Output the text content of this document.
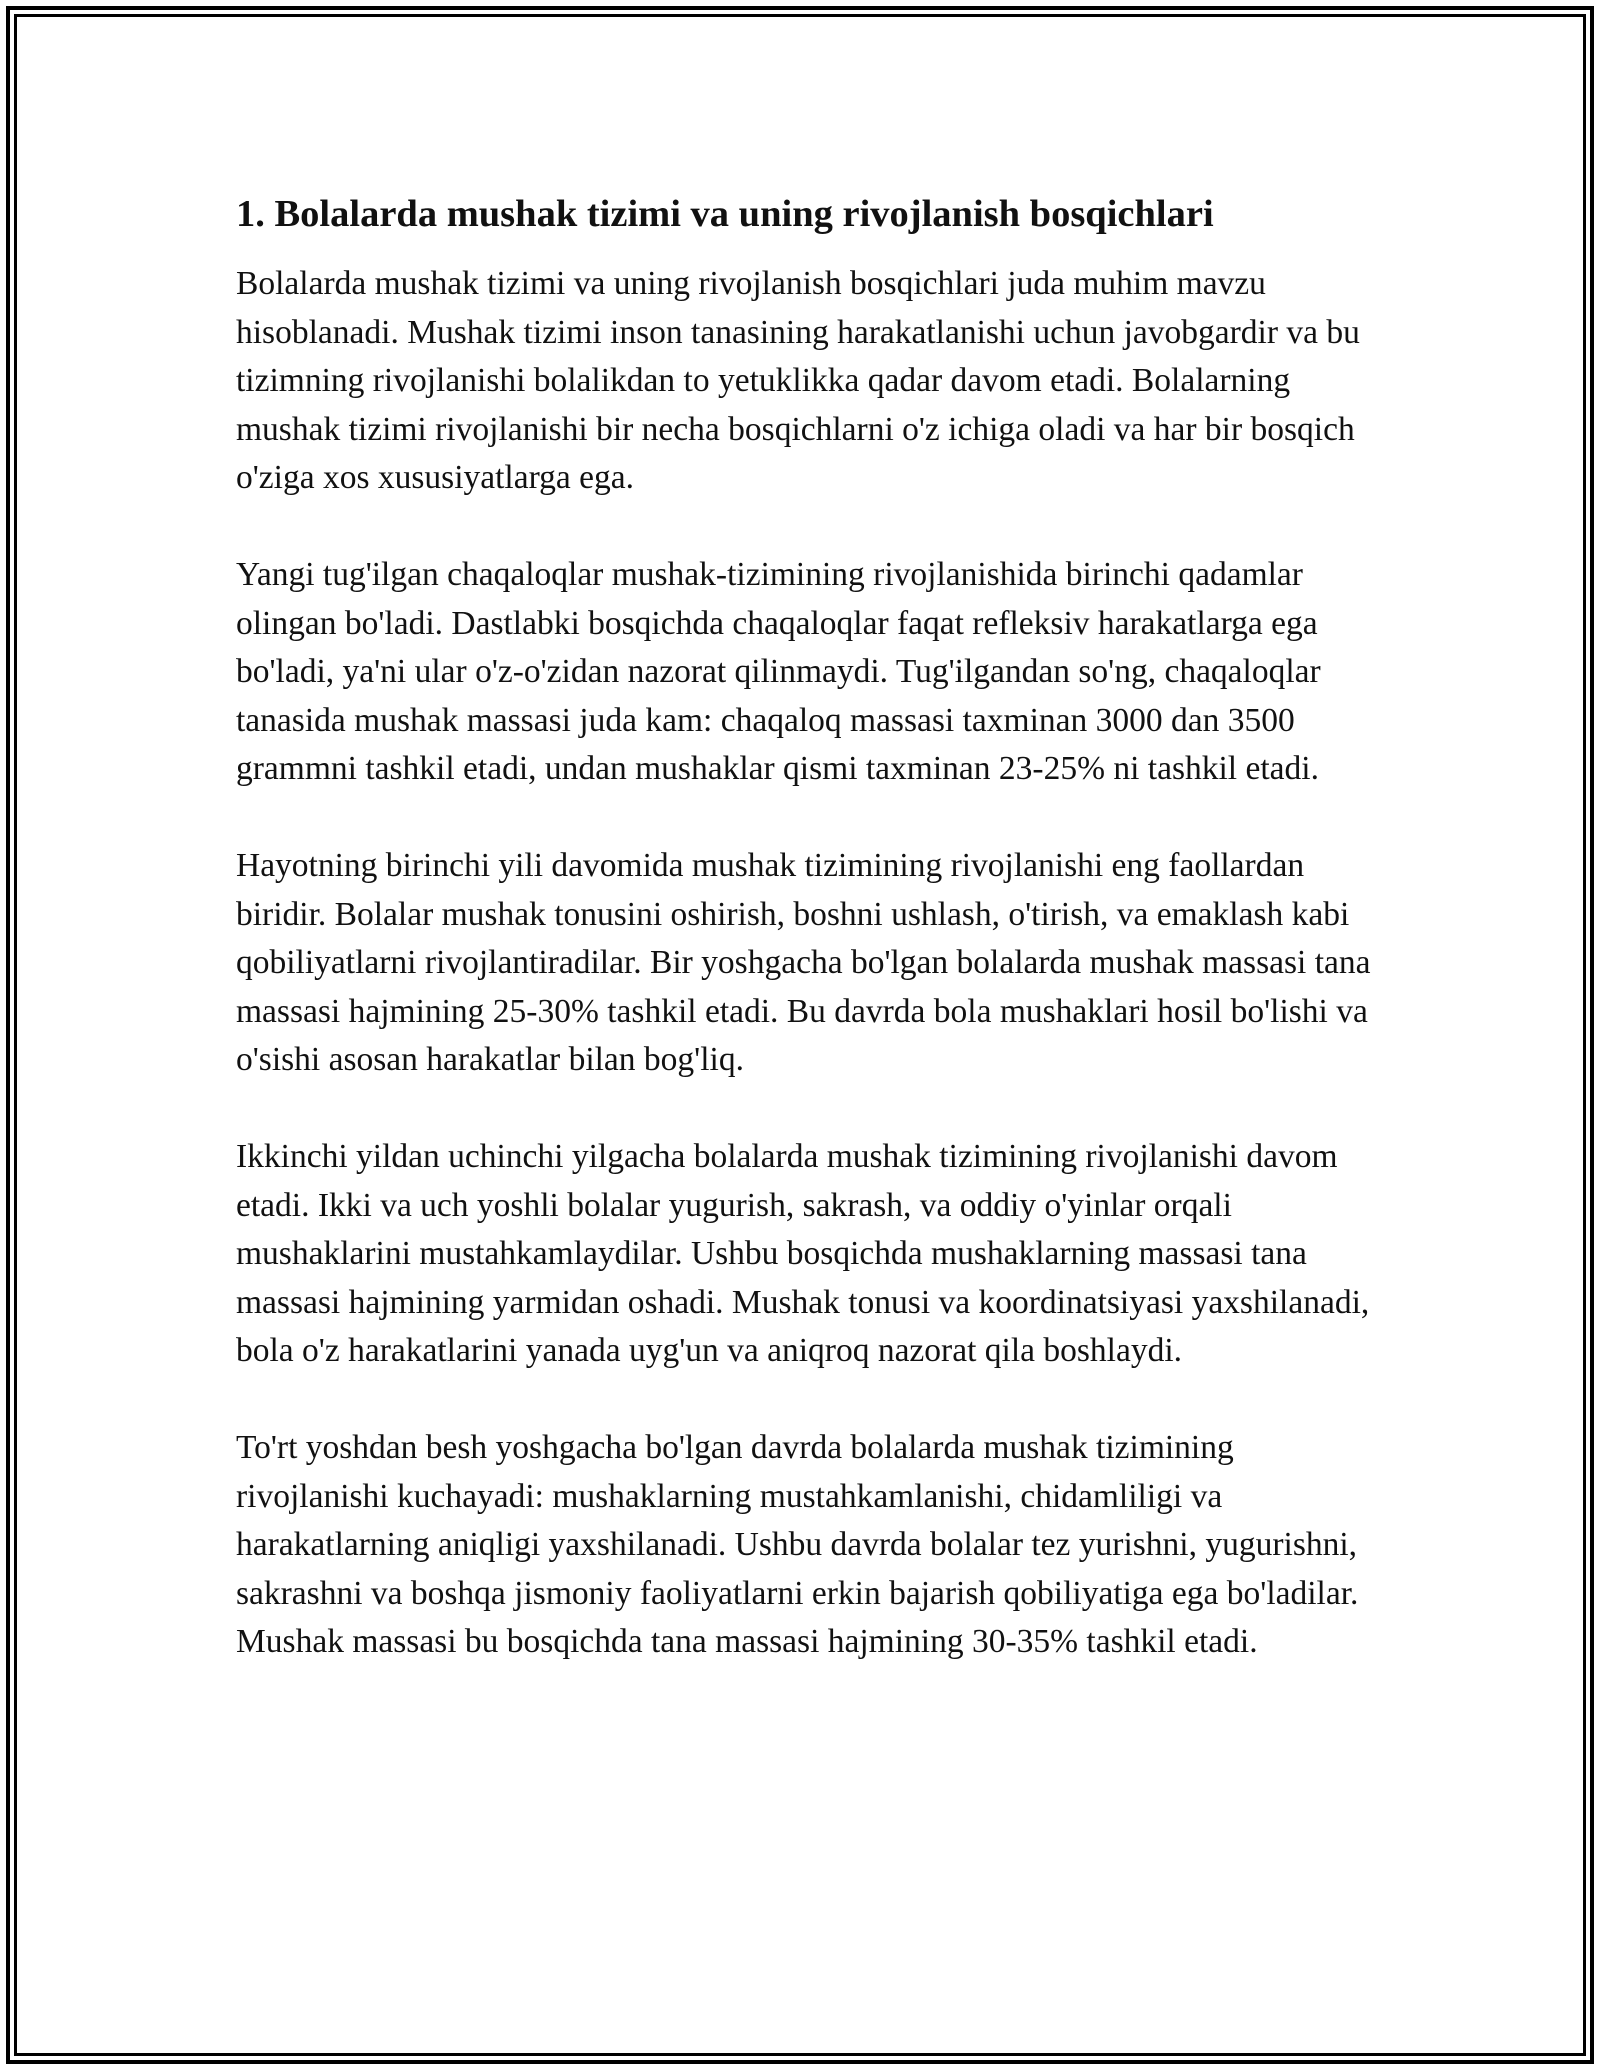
1. Bolalarda mushak tizimi va uning rivojlanish bosqichlari

Bolalarda mushak tizimi va uning rivojlanish bosqichlari juda muhim mavzu hisoblanadi. Mushak tizimi inson tanasining harakatlanishi uchun javobgardir va bu tizimning rivojlanishi bolalikdan to yetuklikka qadar davom etadi. Bolalarning mushak tizimi rivojlanishi bir necha bosqichlarni o'z ichiga oladi va har bir bosqich o'ziga xos xususiyatlarga ega.

Yangi tug'ilgan chaqaloqlar mushak-tizimining rivojlanishida birinchi qadamlar olingan bo'ladi. Dastlabki bosqichda chaqaloqlar faqat refleksiv harakatlarga ega bo'ladi, ya'ni ular o'z-o'zidan nazorat qilinmaydi. Tug'ilgandan so'ng, chaqaloqlar tanasida mushak massasi juda kam: chaqaloq massasi taxminan 3000 dan 3500 grammni tashkil etadi, undan mushaklar qismi taxminan 23-25% ni tashkil etadi.

Hayotning birinchi yili davomida mushak tizimining rivojlanishi eng faollardan biridir. Bolalar mushak tonusini oshirish, boshni ushlash, o'tirish, va emaklash kabi qobiliyatlarni rivojlantiradilar. Bir yoshgacha bo'lgan bolalarda mushak massasi tana massasi hajmining 25-30% tashkil etadi. Bu davrda bola mushaklari hosil bo'lishi va o'sishi asosan harakatlar bilan bog'liq.

Ikkinchi yildan uchinchi yilgacha bolalarda mushak tizimining rivojlanishi davom etadi. Ikki va uch yoshli bolalar yugurish, sakrash, va oddiy o'yinlar orqali mushaklarini mustahkamlaydilar. Ushbu bosqichda mushaklarning massasi tana massasi hajmining yarmidan oshadi. Mushak tonusi va koordinatsiyasi yaxshilanadi, bola o'z harakatlarini yanada uyg'un va aniqroq nazorat qila boshlaydi.

To'rt yoshdan besh yoshgacha bo'lgan davrda bolalarda mushak tizimining rivojlanishi kuchayadi: mushaklarning mustahkamlanishi, chidamliligi va harakatlarning aniqligi yaxshilanadi. Ushbu davrda bolalar tez yurishni, yugurishni, sakrashni va boshqa jismoniy faoliyatlarni erkin bajarish qobiliyatiga ega bo'ladilar. Mushak massasi bu bosqichda tana massasi hajmining 30-35% tashkil etadi.
